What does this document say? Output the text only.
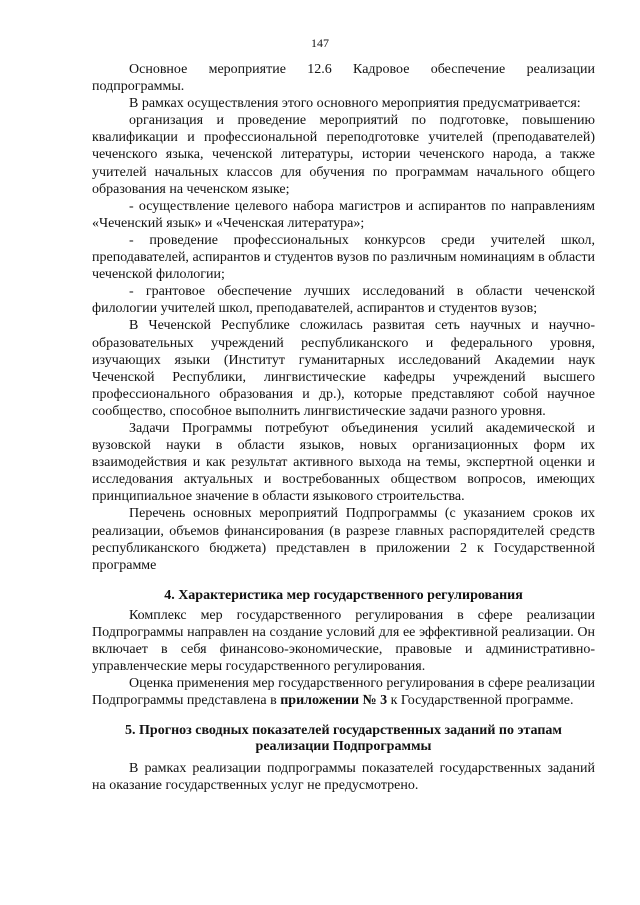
147

Основное мероприятие 12.6 Кадровое обеспечение реализации подпрограммы.

В рамках осуществления этого основного мероприятия предусматривается:

организация и проведение мероприятий по подготовке, повышению квалификации и профессиональной переподготовке учителей (преподавателей) чеченского языка, чеченской литературы, истории чеченского народа, а также учителей начальных классов для обучения по программам начального общего образования на чеченском языке;

- осуществление целевого набора магистров и аспирантов по направлениям «Чеченский язык» и «Чеченская литература»;

- проведение профессиональных конкурсов среди учителей школ, преподавателей, аспирантов и студентов вузов по различным номинациям в области чеченской филологии;

- грантовое обеспечение лучших исследований в области чеченской филологии учителей школ, преподавателей, аспирантов и студентов вузов;

В Чеченской Республике сложилась развитая сеть научных и научно-образовательных учреждений республиканского и федерального уровня, изучающих языки (Институт гуманитарных исследований Академии наук Чеченской Республики, лингвистические кафедры учреждений высшего профессионального образования и др.), которые представляют собой научное сообщество, способное выполнить лингвистические задачи разного уровня.

Задачи Программы потребуют объединения усилий академической и вузовской науки в области языков, новых организационных форм их взаимодействия и как результат активного выхода на темы, экспертной оценки и исследования актуальных и востребованных обществом вопросов, имеющих принципиальное значение в области языкового строительства.

Перечень основных мероприятий Подпрограммы (с указанием сроков их реализации, объемов финансирования (в разрезе главных распорядителей средств республиканского бюджета) представлен в приложении 2 к Государственной программе

4. Характеристика мер государственного регулирования

Комплекс мер государственного регулирования в сфере реализации Подпрограммы направлен на создание условий для ее эффективной реализации. Он включает в себя финансово-экономические, правовые и административно-управленческие меры государственного регулирования.

Оценка применения мер государственного регулирования в сфере реализации Подпрограммы представлена в приложении № 3 к Государственной программе.

5. Прогноз сводных показателей государственных заданий по этапам
реализации Подпрограммы

В рамках реализации подпрограммы показателей государственных заданий на оказание государственных услуг не предусмотрено.
